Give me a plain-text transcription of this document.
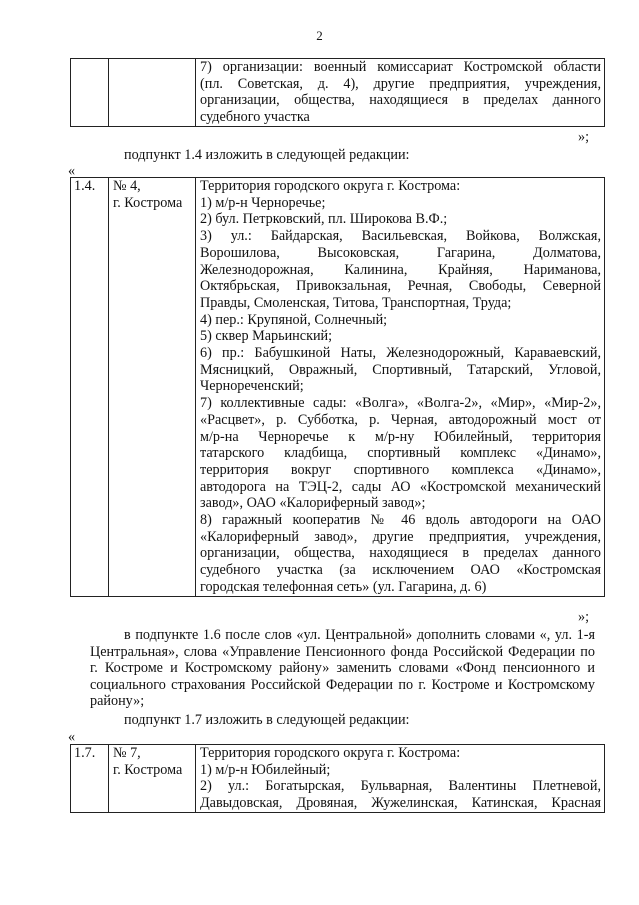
2

7) организации: военный комиссариат Костромской области
(пл. Советская, д. 4), другие предприятия, учреждения,
организации, общества, находящиеся в пределах данного
судебного участка
»;
подпункт 1.4 изложить в следующей редакции:
«
1.4.	№ 4,
г. Кострома

Территория городского округа г. Кострома:
1) м/р-н Черноречье;
2) бул. Петрковский, пл. Широкова В.Ф.;
3) ул.: Байдарская, Васильевская, Войкова, Волжская,
Ворошилова, Высоковская, Гагарина, Долматова,
Железнодорожная, Калинина, Крайняя, Нариманова,
Октябрьская, Привокзальная, Речная, Свободы, Северной
Правды, Смоленская, Титова, Транспортная, Труда;
4) пер.: Крупяной, Солнечный;
5) сквер Марьинский;
6) пр.: Бабушкиной Наты, Железнодорожный, Караваевский,
Мясницкий, Овражный, Спортивный, Татарский, Угловой,
Чернореченский;
7) коллективные сады: «Волга», «Волга-2», «Мир», «Мир-2»,
«Расцвет», р. Субботка, р. Черная, автодорожный мост от
м/р-на Черноречье к м/р-ну Юбилейный, территория
татарского кладбища, спортивный комплекс «Динамо»,
территория вокруг спортивного комплекса «Динамо»,
автодорога на ТЭЦ-2, сады АО «Костромской механический
завод», ОАО «Калориферный завод»;
8) гаражный кооператив № 46 вдоль автодороги на ОАО
«Калориферный завод», другие предприятия, учреждения,
организации, общества, находящиеся в пределах данного
судебного участка (за исключением ОАО «Костромская
городская телефонная сеть» (ул. Гагарина, д. 6)
»;
в подпункте 1.6 после слов «ул. Центральной» дополнить словами «, ул. 1-я
Центральная», слова «Управление Пенсионного фонда Российской Федерации по
г. Костроме и Костромскому району» заменить словами «Фонд пенсионного и
социального страхования Российской Федерации по г. Костроме и Костромскому
району»;
подпункт 1.7 изложить в следующей редакции:
«
1.7.	№ 7,
г. Кострома

Территория городского округа г. Кострома:
1) м/р-н Юбилейный;
2) ул.: Богатырская, Бульварная, Валентины Плетневой,
Давыдовская, Дровяная, Жужелинская, Катинская, Красная
